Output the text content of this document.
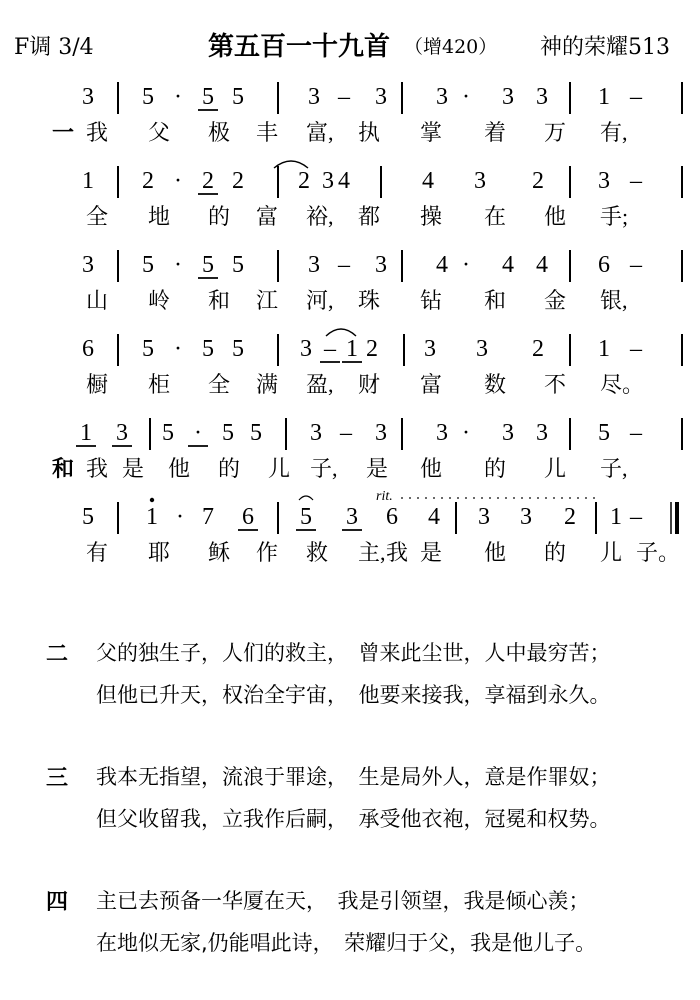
F调 3/4	第五百一十九首 （增420） 神的荣耀513
3 5 · 5 5	3 – 3 3 · 3 3 1 –
一 我 父 极 丰 富, 执 掌 着 万 有,
1 2 · 2 2 2 3 4	4 3 2 3 –
全 地 的 富 裕, 都 操 在 他 手;
3 5 · 5 5	3 – 3 4 · 4 4 6 –
山 岭 和 江 河, 珠 钻 和 金 银,
6 5 · 5 5 3 – 1 2 3 3 2 1 –
橱 柜 全 满 盈, 财 富 数 不 尽。
1 3 5 · 5 5 3 – 3 3 · 3 3 5 –
和 我 是 他 的 儿 子, 是 他 的 儿 子,
5 1 · 7 6 5 3 6 4 3 3 2 1 –
rit.
有 耶 稣 作 救 主, 我 是 他 的 儿 子。
二 父的独生子，人们的救主，　曾来此尘世，人中最穷苦；
但他已升天，权治全宇宙，　他要来接我，享福到永久。
三 我本无指望，流浪于罪途，　生是局外人，意是作罪奴；
但父收留我，立我作后嗣，　承受他衣袍，冠冕和权势。
四 主已去预备一华厦在天，　我是引领望，我是倾心羡；
在地似无家,仍能唱此诗，　荣耀归于父，我是他儿子。
